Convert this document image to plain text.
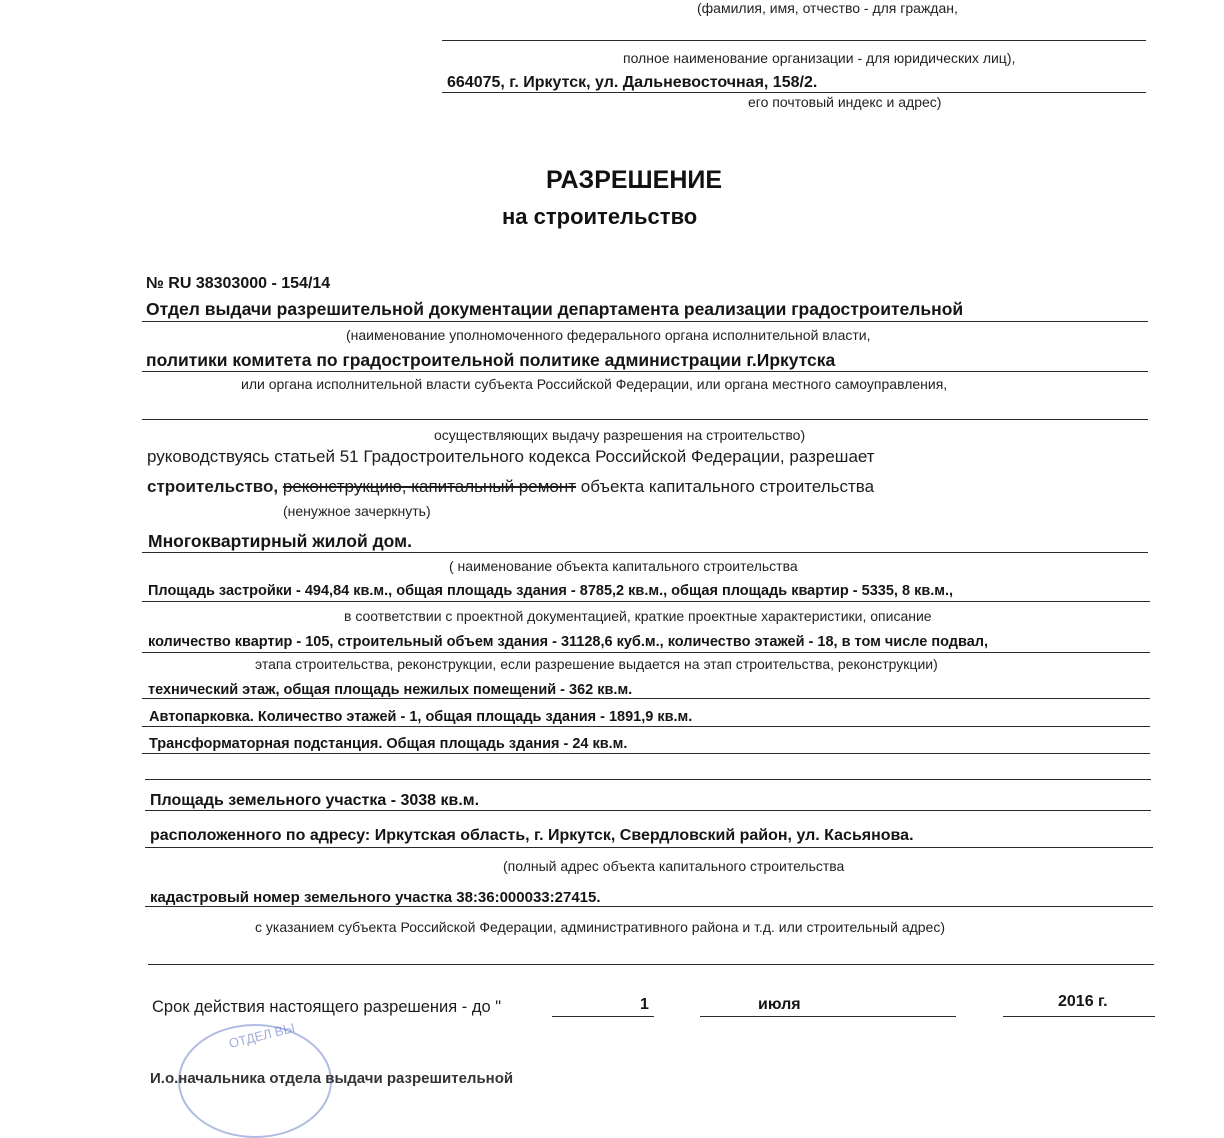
(фамилия, имя, отчество - для граждан,
полное наименование организации - для юридических лиц),
664075, г. Иркутск, ул. Дальневосточная, 158/2.
его почтовый индекс и адрес)
РАЗРЕШЕНИЕ
на строительство
№ RU 38303000 - 154/14
Отдел выдачи разрешительной документации департамента реализации градостроительной
(наименование уполномоченного федерального органа исполнительной власти,
политики комитета по градостроительной политике администрации г.Иркутска
или органа исполнительной власти субъекта Российской Федерации, или органа местного самоуправления,
осуществляющих выдачу разрешения на строительство)
руководствуясь статьей 51 Градостроительного кодекса Российской Федерации, разрешает
строительство, реконструкцию, капитальный ремонт объекта капитального строительства
(ненужное зачеркнуть)
Многоквартирный жилой дом.
( наименование объекта капитального строительства
Площадь застройки - 494,84 кв.м., общая площадь здания - 8785,2 кв.м., общая площадь квартир - 5335, 8 кв.м.,
в соответствии с проектной документацией, краткие проектные характеристики, описание
количество квартир - 105, строительный объем здания - 31128,6 куб.м., количество этажей - 18, в том числе подвал,
этапа строительства, реконструкции, если разрешение выдается на этап строительства, реконструкции)
технический этаж, общая площадь нежилых помещений - 362 кв.м.
Автопарковка. Количество этажей - 1, общая площадь здания - 1891,9 кв.м.
Трансформаторная подстанция. Общая площадь здания - 24 кв.м.
Площадь земельного участка - 3038 кв.м.
расположенного по адресу: Иркутская область, г. Иркутск, Свердловский район, ул. Касьянова.
(полный адрес объекта капитального строительства
кадастровый номер земельного участка 38:36:000033:27415.
с указанием субъекта Российской Федерации, административного района и т.д. или строительный адрес)
Срок действия настоящего разрешения - до "	1	июля	2016 г.
ОТДЕЛ ВЫ
И.о.начальника отдела выдачи разрешительной
